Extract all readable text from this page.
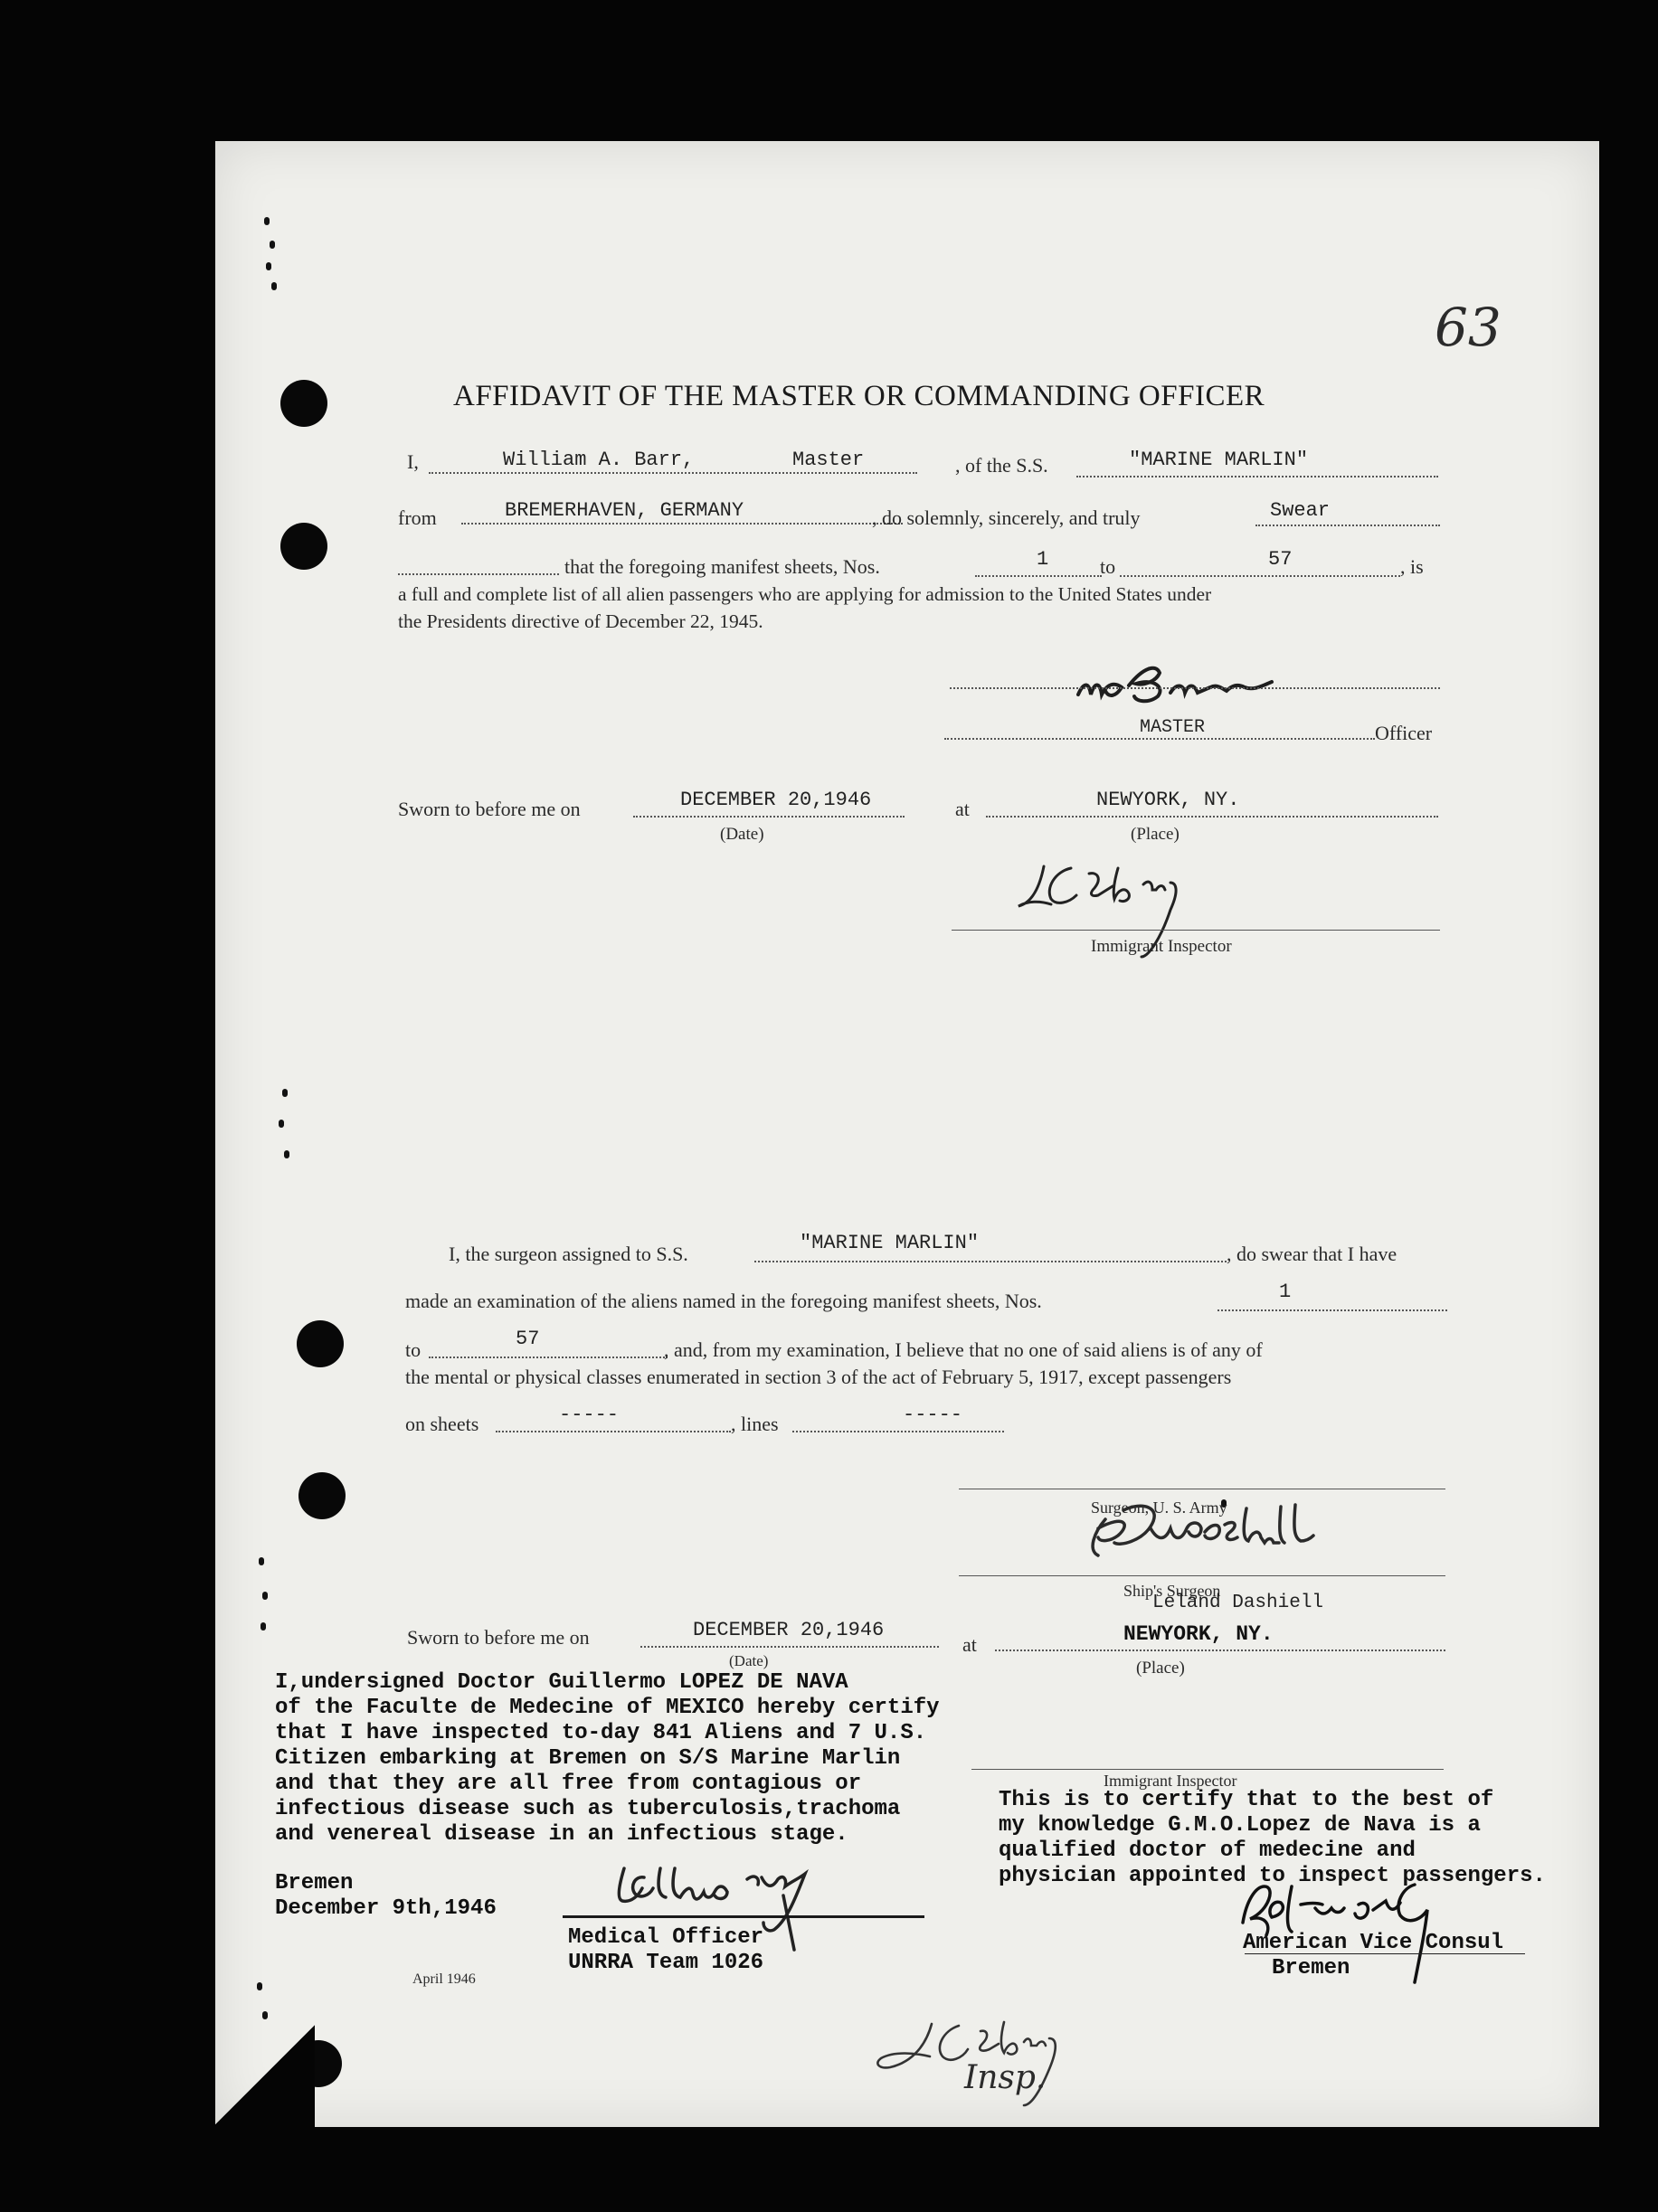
63
AFFIDAVIT OF THE MASTER OR COMMANDING OFFICER
I,	William A. Barr,	Master	, of the S.S.	"MARINE MARLIN"
from	BREMERHAVEN, GERMANY	, do solemnly, sincerely, and truly	Swear
that the foregoing manifest sheets, Nos.	1	to	57	, is
a full and complete list of all alien passengers who are applying for admission to the United States under
the Presidents directive of December 22, 1945.
MASTER	Officer
Sworn to before me on	DECEMBER 20,1946
(Date)
at	NEWYORK, NY.
(Place)
Immigrant Inspector
I, the surgeon assigned to S.S.	"MARINE MARLIN"	, do swear that I have
made an examination of the aliens named in the foregoing manifest sheets, Nos.	1
to	57	, and, from my examination, I believe that no one of said aliens is of any of
the mental or physical classes enumerated in section 3 of the act of February 5, 1917, except passengers
on sheets	-----	, lines	-----
Surgeon, U. S. Army
Ship's Surgeon
Leland Dashiell
Sworn to before me on	DECEMBER 20,1946
(Date)
at	NEWYORK, NY.
(Place)
Immigrant Inspector
I,undersigned Doctor Guillermo LOPEZ DE NAVA
of the Faculte de Medecine of MEXICO hereby certify
that I have inspected to-day 841 Aliens and 7 U.S.
Citizen embarking at Bremen on S/S Marine Marlin
and that they are all free from contagious or
infectious disease such as tuberculosis,trachoma
and venereal disease in an infectious stage.
Bremen
December 9th,1946
Medical Officer
UNRRA Team 1026
April 1946
This is to certify that to the best of
my knowledge G.M.O.Lopez de Nava is a
qualified doctor of medecine and
physician appointed to inspect passengers.
American Vice Consul
Bremen
Insp.
